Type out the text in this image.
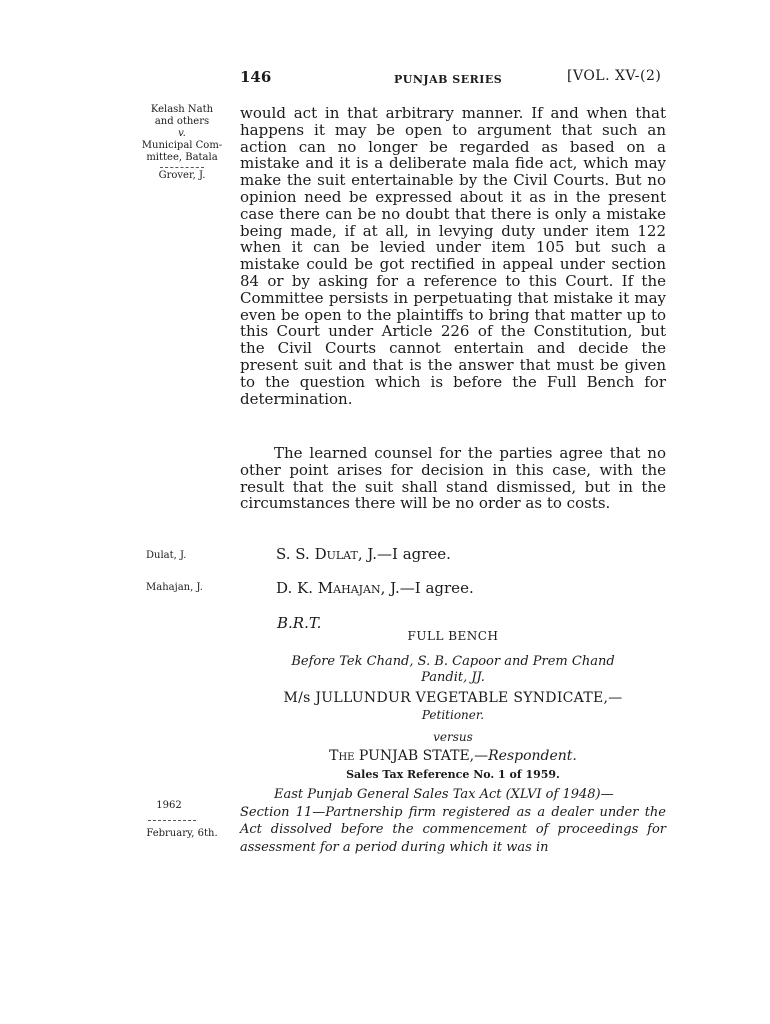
146	PUNJAB SERIES	[VOL. XV-(2)
Kelash Nath
and others
v.
Municipal Com-
mittee, Batala
Grover, J.
would act in that arbitrary manner. If and when that happens it may be open to argument that such an action can no longer be regarded as based on a mistake and it is a deliberate mala fide act, which may make the suit entertainable by the Civil Courts. But no opinion need be expressed about it as in the present case there can be no doubt that there is only a mistake being made, if at all, in levying duty under item 122 when it can be levied under item 105 but such a mistake could be got rectified in appeal under section 84 or by asking for a reference to this Court. If the Committee persists in perpetuating that mistake it may even be open to the plaintiffs to bring that matter up to this Court under Article 226 of the Constitution, but the Civil Courts cannot entertain and decide the present suit and that is the answer that must be given to the question which is before the Full Bench for determination.
The learned counsel for the parties agree that no other point arises for decision in this case, with the result that the suit shall stand dismissed, but in the circumstances there will be no order as to costs.
Dulat, J.	S. S. Dulat, J.—I agree.
Mahajan, J.	D. K. Mahajan, J.—I agree.
B.R.T.
FULL BENCH
Before Tek Chand, S. B. Capoor and Prem Chand
Pandit, JJ.
M/s JULLUNDUR VEGETABLE SYNDICATE,—
Petitioner.
versus
The PUNJAB STATE,—Respondent.
Sales Tax Reference No. 1 of 1959.
1962
February, 6th.
East Punjab General Sales Tax Act (XLVI of 1948)—
Section 11—Partnership firm registered as a dealer under the Act dissolved before the commencement of proceedings for assessment for a period during which it was in
